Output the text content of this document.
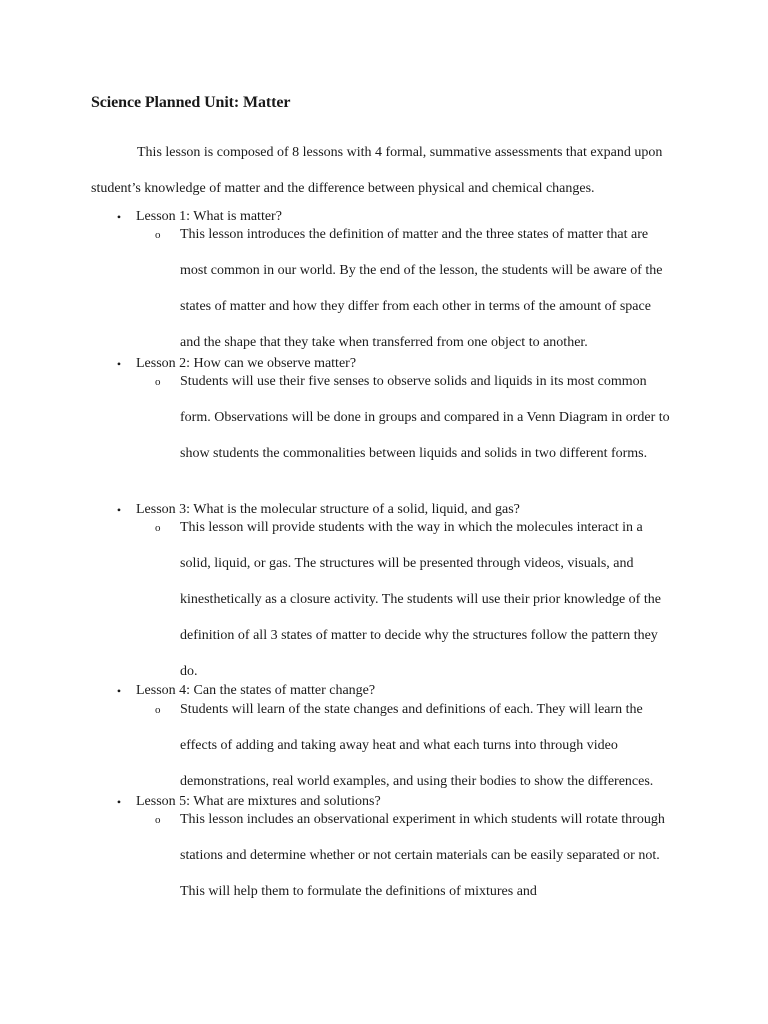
Science Planned Unit: Matter

This lesson is composed of 8 lessons with 4 formal, summative assessments that expand upon student’s knowledge of matter and the difference between physical and chemical changes.

•	Lesson 1: What is matter?

o This lesson introduces the definition of matter and the three states of matter that are most common in our world. By the end of the lesson, the students will be aware of the states of matter and how they differ from each other in terms of the amount of space and the shape that they take when transferred from one object to another.

•	Lesson 2: How can we observe matter?

o Students will use their five senses to observe solids and liquids in its most common form. Observations will be done in groups and compared in a Venn Diagram in order to show students the commonalities between liquids and solids in two different forms.

•	Lesson 3: What is the molecular structure of a solid, liquid, and gas?

o This lesson will provide students with the way in which the molecules interact in a solid, liquid, or gas. The structures will be presented through videos, visuals, and kinesthetically as a closure activity. The students will use their prior knowledge of the definition of all 3 states of matter to decide why the structures follow the pattern they do.

•	Lesson 4: Can the states of matter change?

o Students will learn of the state changes and definitions of each. They will learn the effects of adding and taking away heat and what each turns into through video demonstrations, real world examples, and using their bodies to show the differences.

•	Lesson 5: What are mixtures and solutions?

o This lesson includes an observational experiment in which students will rotate through stations and determine whether or not certain materials can be easily separated or not. This will help them to formulate the definitions of mixtures and
